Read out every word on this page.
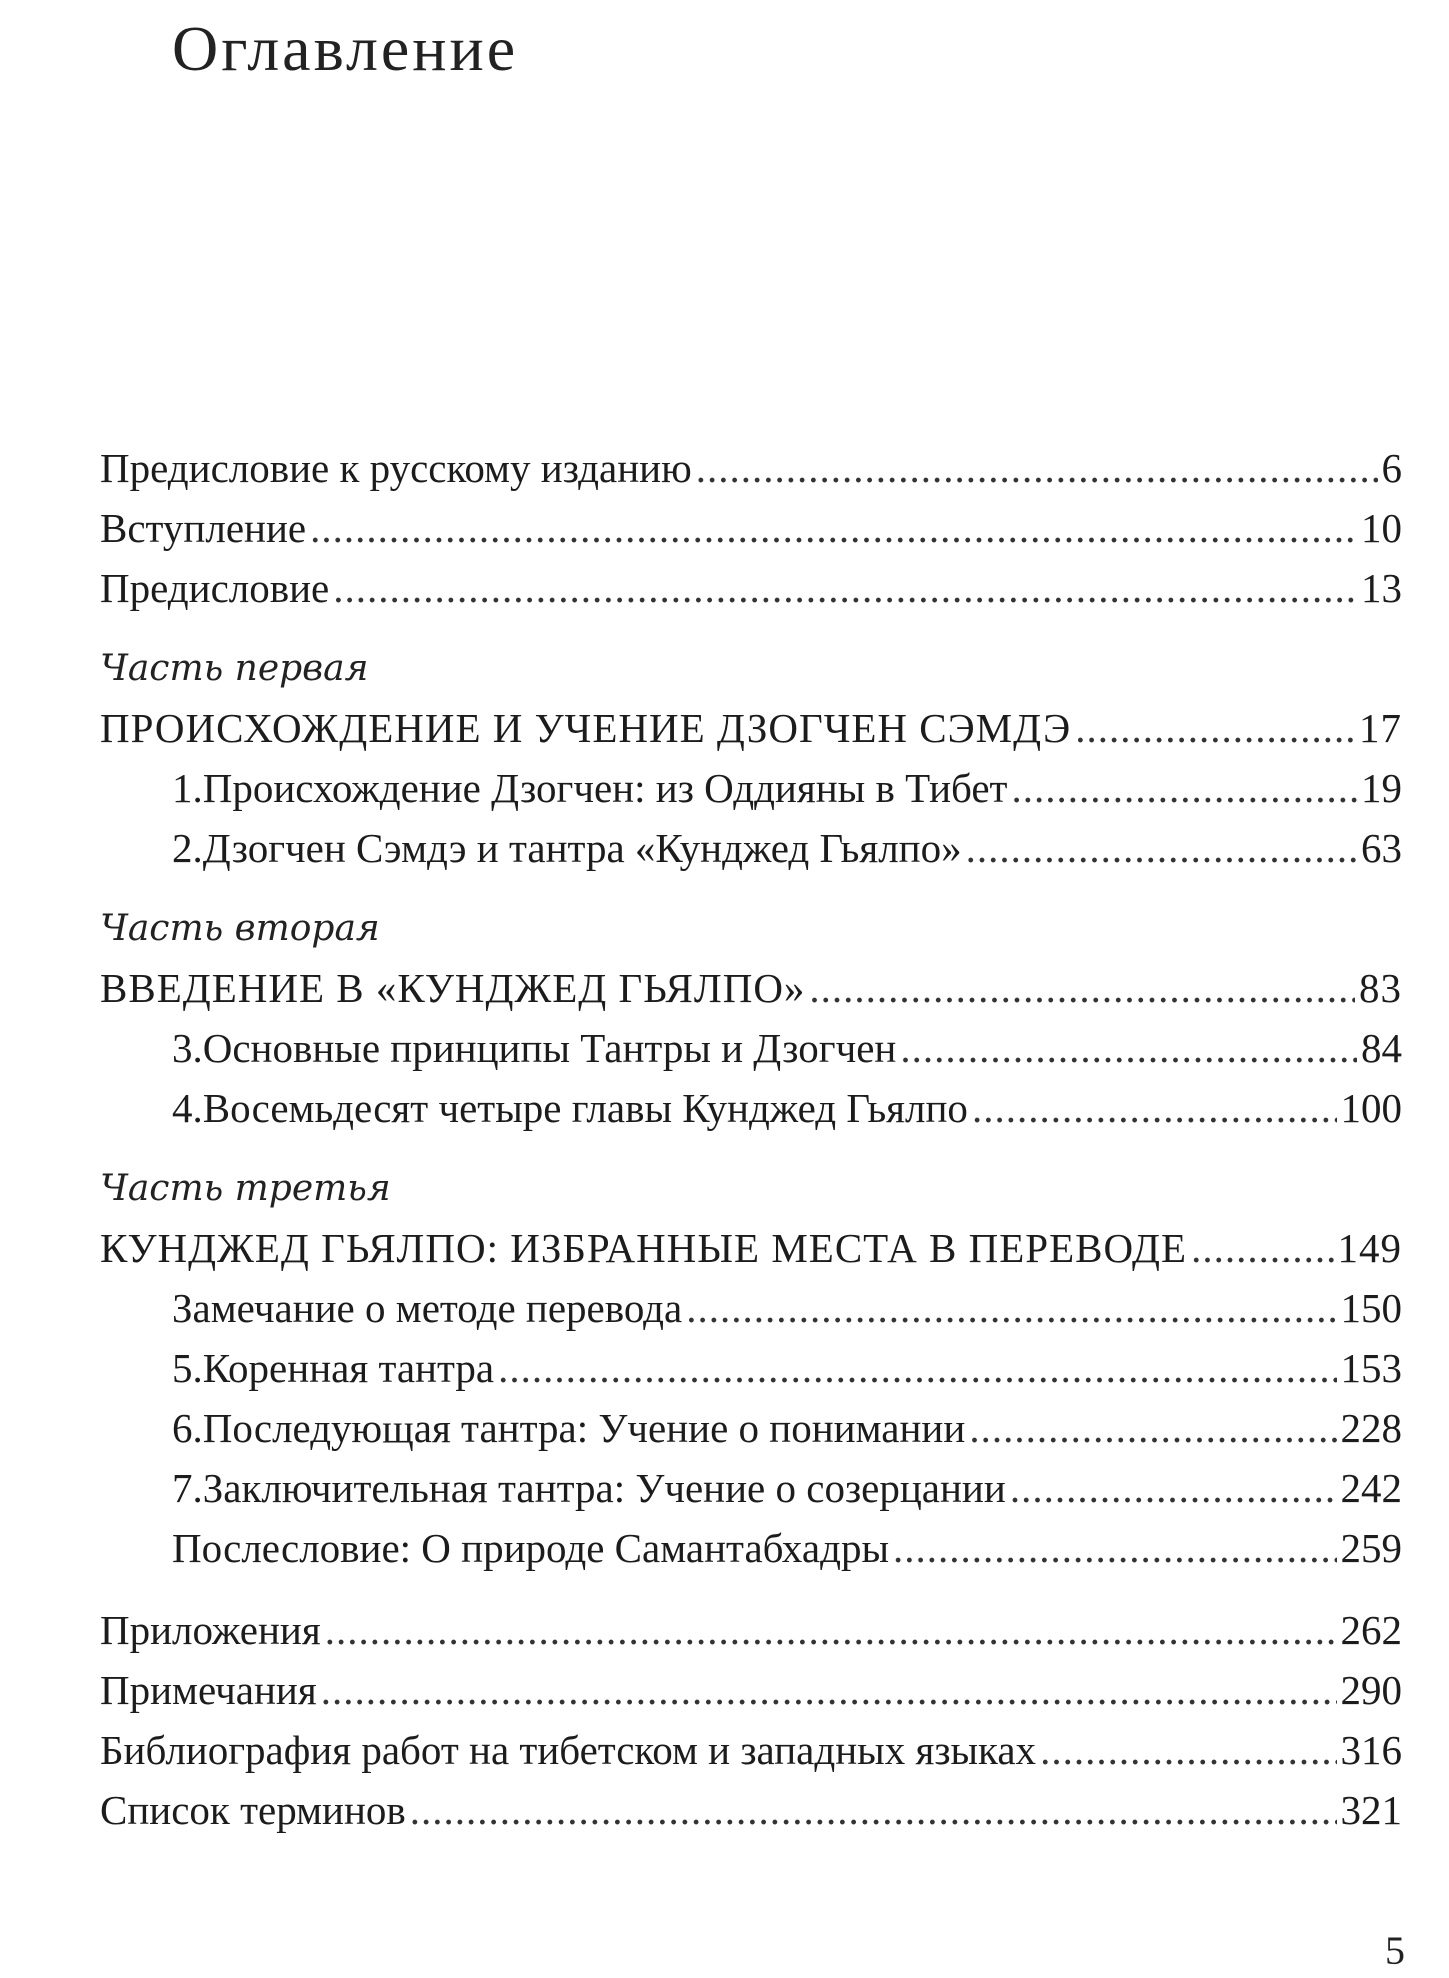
Оглавление
Предисловие к русскому изданию .....	6
Вступление .....	10
Предисловие .....	13
Часть первая
ПРОИСХОЖДЕНИЕ И УЧЕНИЕ ДЗОГЧЕН СЭМДЭ .....	17
1. Происхождение Дзогчен: из Оддияны в Тибет .....	19
2. Дзогчен Сэмдэ и тантра «Кунджед Гьялпо» .....	63
Часть вторая
ВВЕДЕНИЕ В «КУНДЖЕД ГЬЯЛПО» .....	83
3. Основные принципы Тантры и Дзогчен .....	84
4. Восемьдесят четыре главы Кунджед Гьялпо .....	100
Часть третья
КУНДЖЕД ГЬЯЛПО: ИЗБРАННЫЕ МЕСТА В ПЕРЕВОДЕ .....	149
Замечание о методе перевода .....	150
5. Коренная тантра .....	153
6. Последующая тантра: Учение о понимании .....	228
7. Заключительная тантра: Учение о созерцании .....	242
Послесловие: О природе Самантабхадры .....	259
Приложения .....	262
Примечания .....	290
Библиография работ на тибетском и западных языках .....	316
Список терминов .....	321
5
